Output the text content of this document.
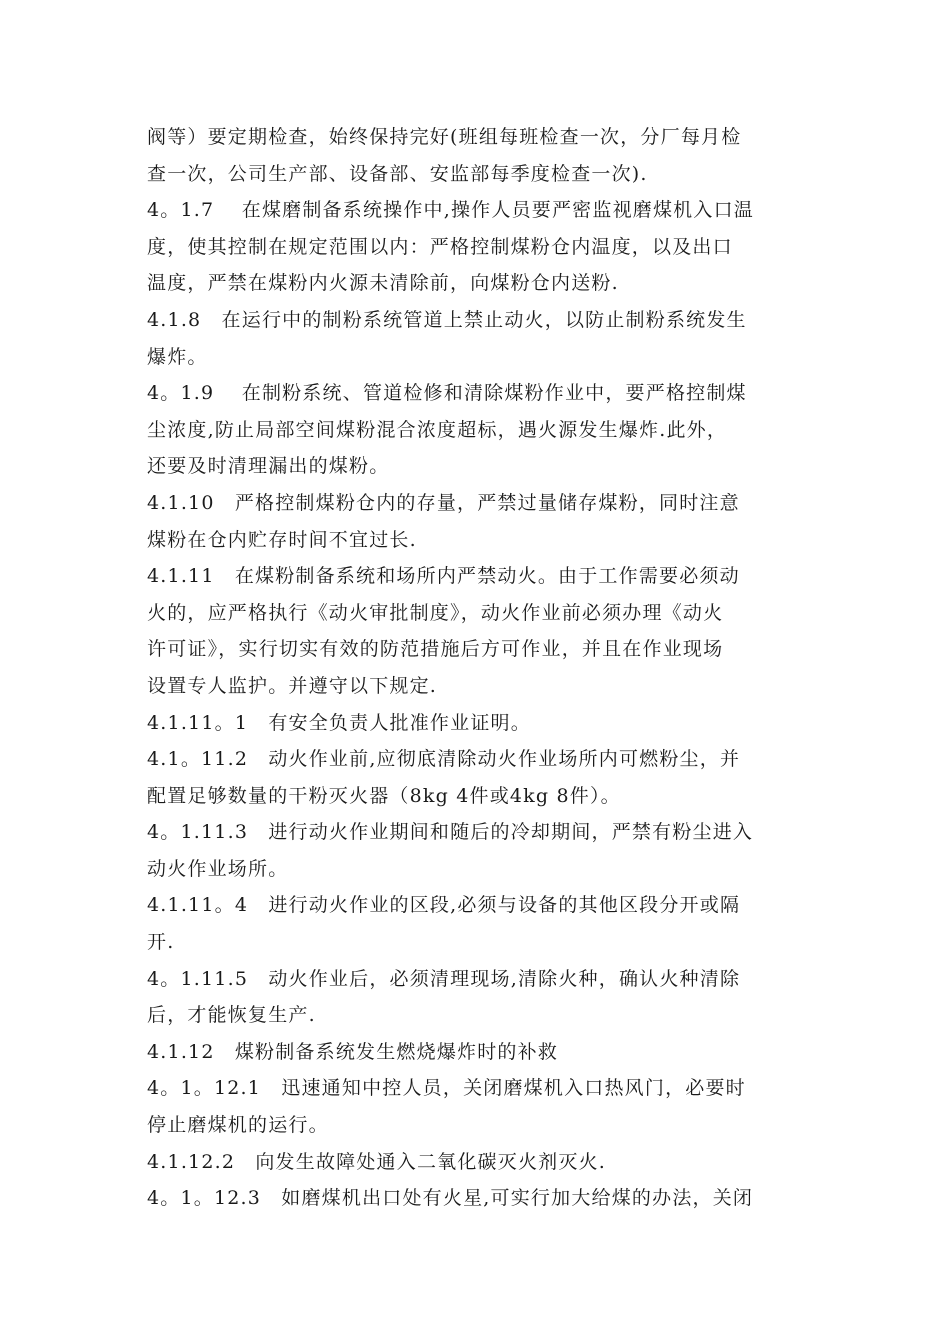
阀等）要定期检查，始终保持完好(班组每班检查一次，分厂每月检
查一次，公司生产部、设备部、安监部每季度检查一次).
4。1.7　 在煤磨制备系统操作中,操作人员要严密监视磨煤机入口温
度，使其控制在规定范围以内：严格控制煤粉仓内温度，以及出口
温度，严禁在煤粉内火源未清除前，向煤粉仓内送粉.
4.1.8　在运行中的制粉系统管道上禁止动火，以防止制粉系统发生
爆炸。
4。1.9　 在制粉系统、管道检修和清除煤粉作业中，要严格控制煤
尘浓度,防止局部空间煤粉混合浓度超标，遇火源发生爆炸.此外，
还要及时清理漏出的煤粉。
4.1.10　严格控制煤粉仓内的存量，严禁过量储存煤粉，同时注意
煤粉在仓内贮存时间不宜过长.
4.1.11　在煤粉制备系统和场所内严禁动火。由于工作需要必须动
火的，应严格执行《动火审批制度》，动火作业前必须办理《动火
许可证》，实行切实有效的防范措施后方可作业，并且在作业现场
设置专人监护。并遵守以下规定.
4.1.11。1　有安全负责人批准作业证明。
4.1。11.2　动火作业前,应彻底清除动火作业场所内可燃粉尘，并
配置足够数量的干粉灭火器（8kg 4件或4kg 8件）。
4。1.11.3　进行动火作业期间和随后的冷却期间，严禁有粉尘进入
动火作业场所。
4.1.11。4　进行动火作业的区段,必须与设备的其他区段分开或隔
开.
4。1.11.5　动火作业后，必须清理现场,清除火种，确认火种清除
后，才能恢复生产.
4.1.12　煤粉制备系统发生燃烧爆炸时的补救
4。1。12.1　迅速通知中控人员，关闭磨煤机入口热风门，必要时
停止磨煤机的运行。
4.1.12.2　向发生故障处通入二氧化碳灭火剂灭火.
4。1。12.3　如磨煤机出口处有火星,可实行加大给煤的办法，关闭
